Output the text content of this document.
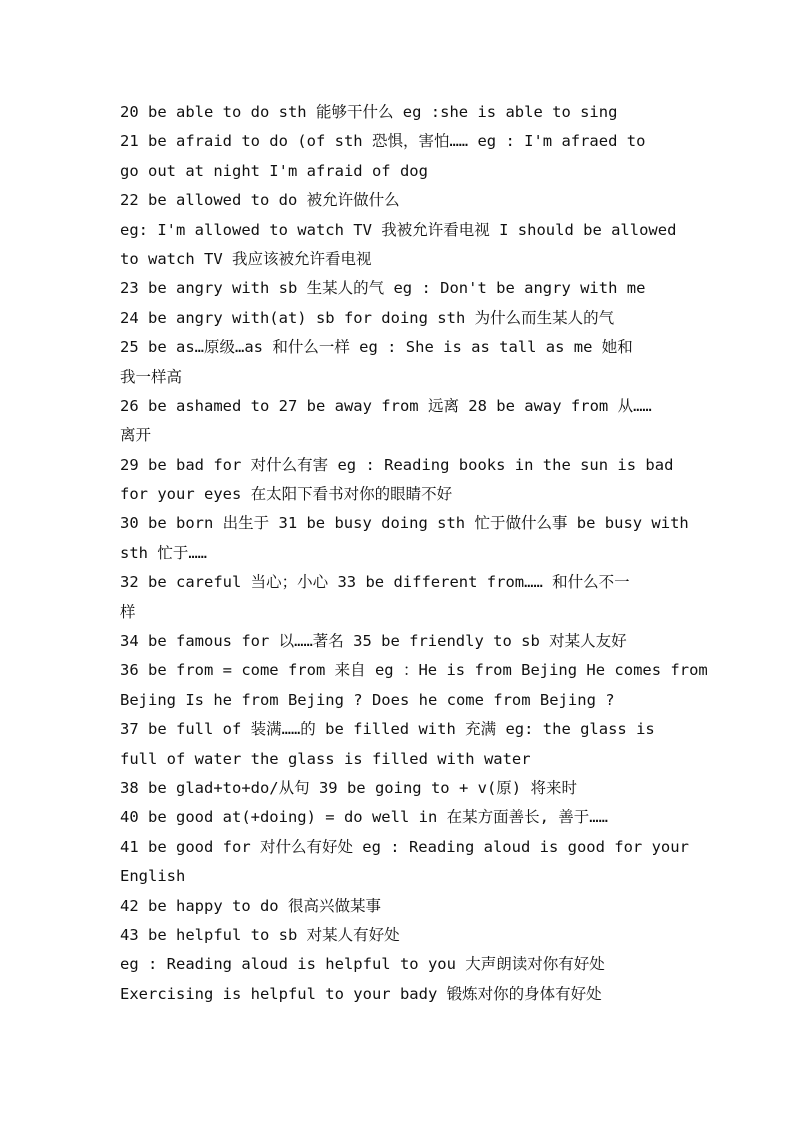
20 be able to do sth 能够干什么 eg :she is able to sing
21 be afraid to do (of sth 恐惧，害怕…… eg : I'm afraed to
go out at night I'm afraid of dog
22 be allowed to do 被允许做什么
eg: I'm allowed to watch TV 我被允许看电视 I should be allowed
to watch TV 我应该被允许看电视
23 be angry with sb 生某人的气 eg : Don't be angry with me
24 be angry with(at) sb for doing sth 为什么而生某人的气
25 be as…原级…as 和什么一样 eg : She is as tall as me 她和
我一样高
26 be ashamed to 27 be away from 远离 28 be away from 从……
离开
29 be bad for 对什么有害 eg : Reading books in the sun is bad
for your eyes 在太阳下看书对你的眼睛不好
30 be born 出生于 31 be busy doing sth 忙于做什么事 be busy with
sth 忙于……
32 be careful 当心；小心 33 be different from…… 和什么不一
样
34 be famous for 以……著名 35 be friendly to sb 对某人友好
36 be from = come from 来自 eg ：He is from Bejing He comes from
Bejing Is he from Bejing ? Does he come from Bejing ?
37 be full of 装满……的 be filled with 充满 eg: the glass is
full of water the glass is filled with water
38 be glad+to+do/从句 39 be going to + v(原) 将来时
40 be good at(+doing) = do well in 在某方面善长, 善于……
41 be good for 对什么有好处 eg : Reading aloud is good for your
English
42 be happy to do 很高兴做某事
43 be helpful to sb 对某人有好处
eg : Reading aloud is helpful to you 大声朗读对你有好处
Exercising is helpful to your bady 锻炼对你的身体有好处
